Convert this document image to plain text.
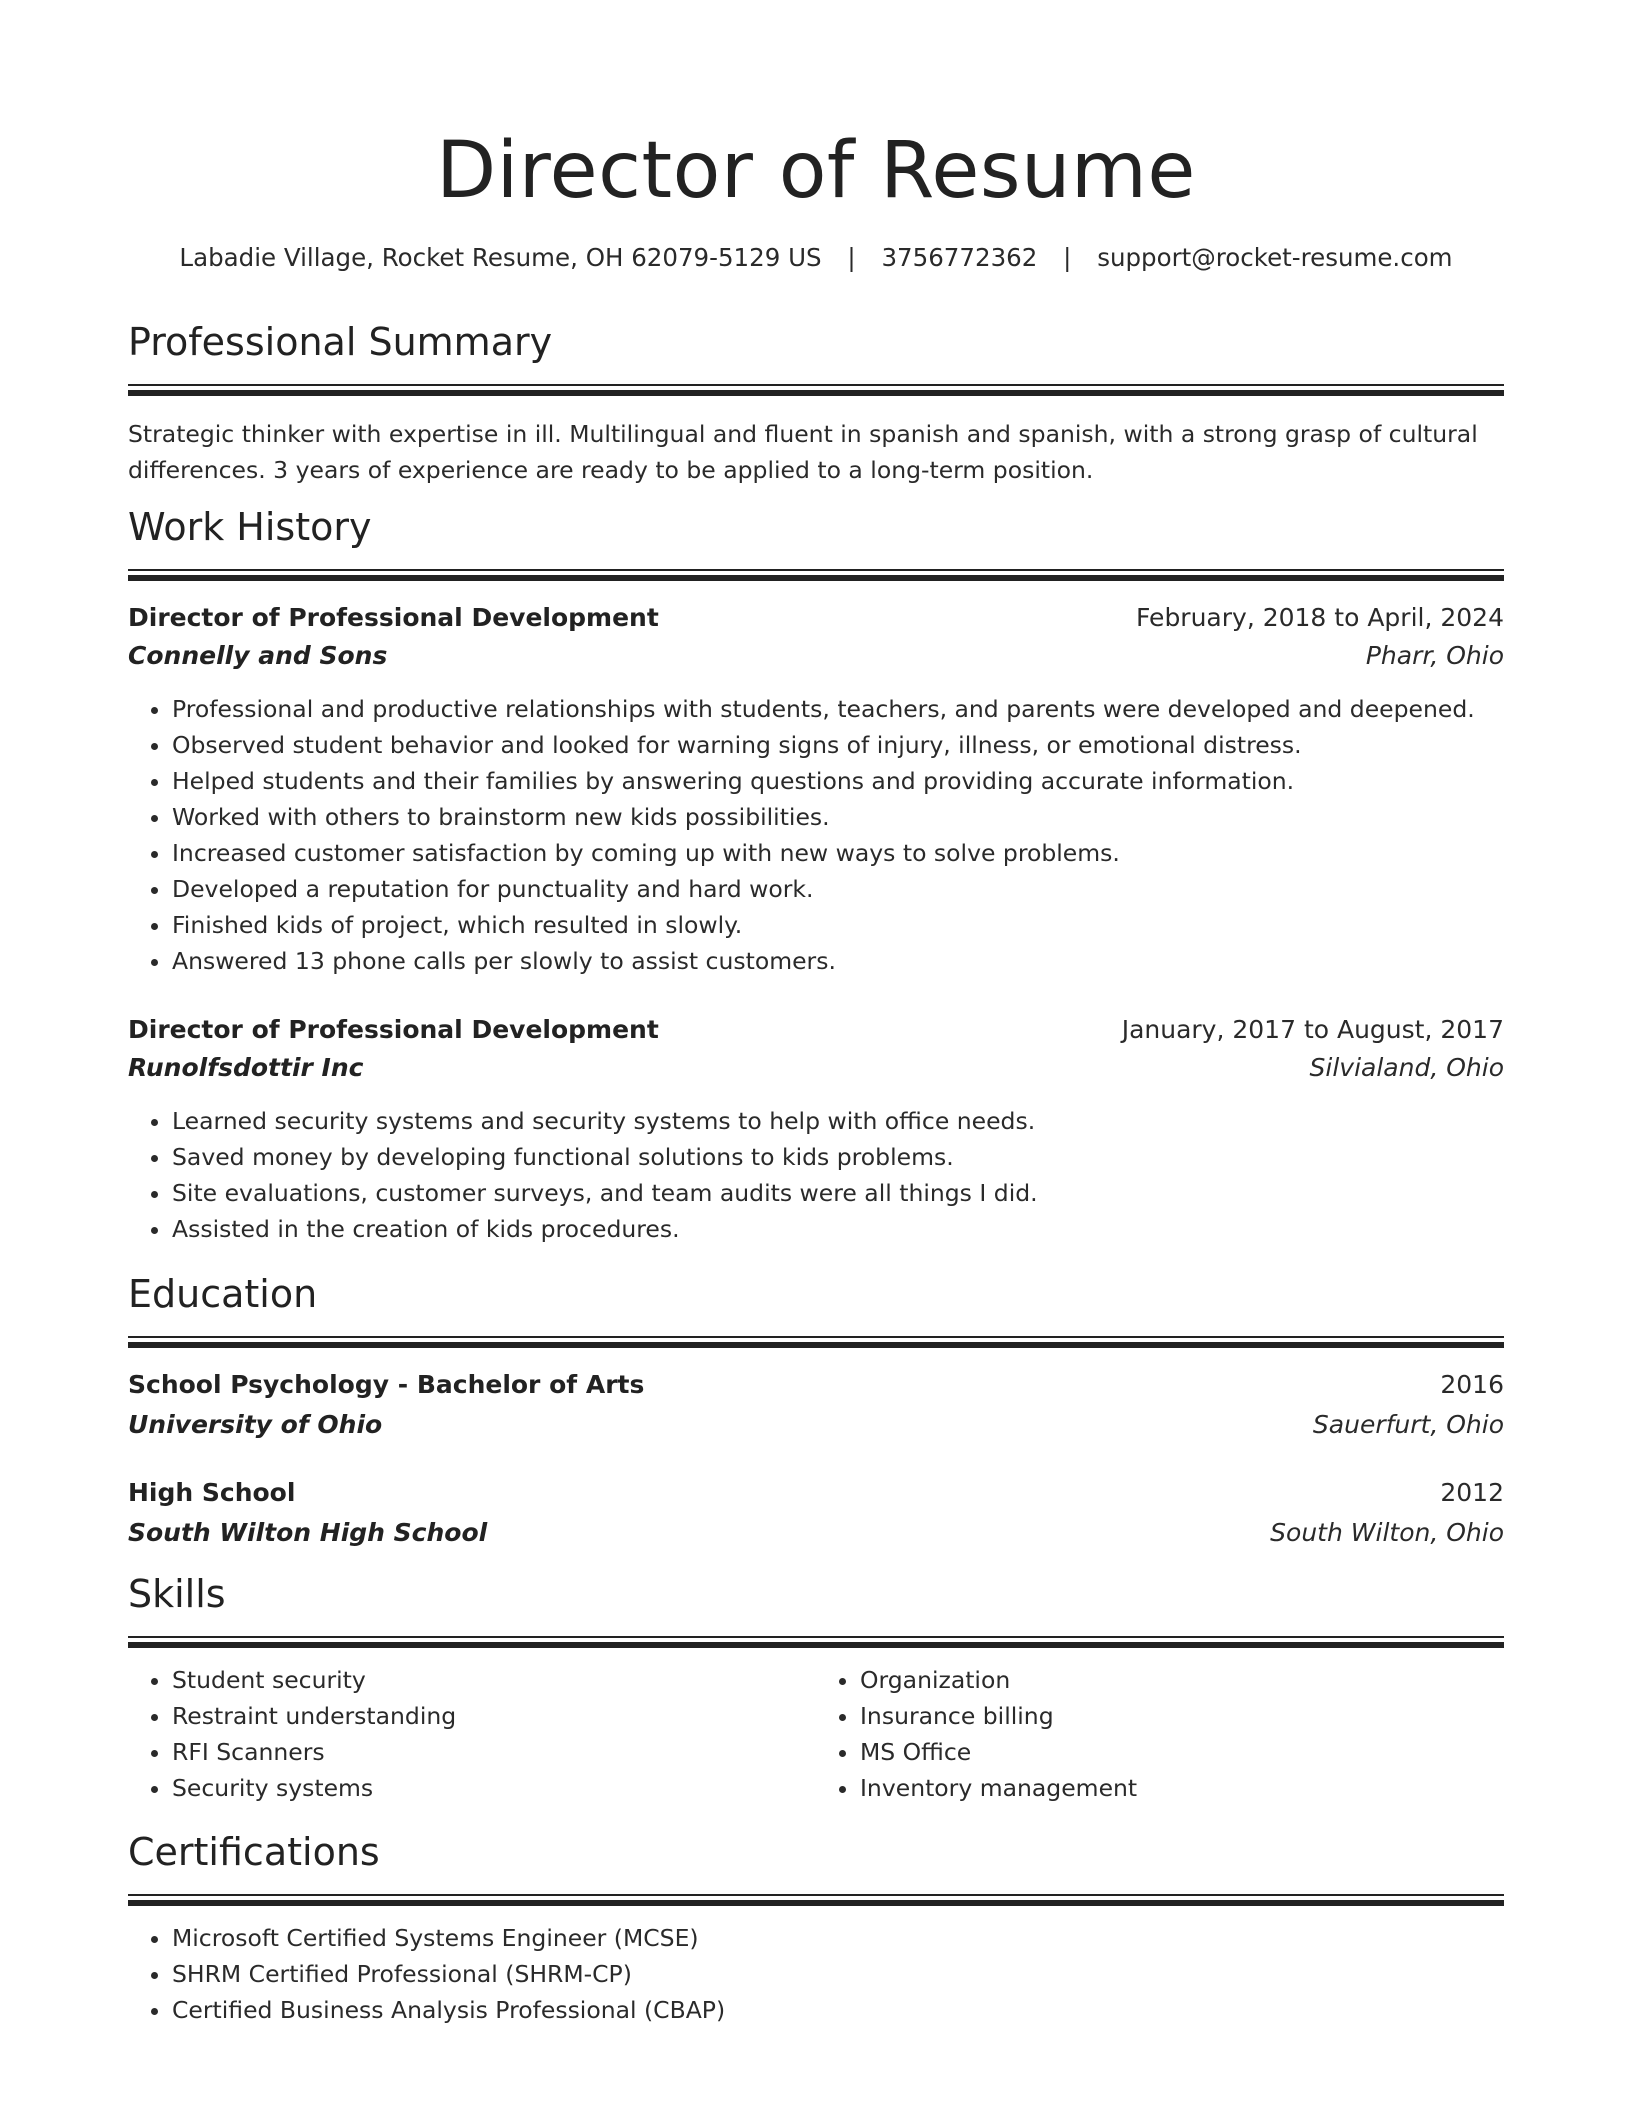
Director of Resume
Labadie Village, Rocket Resume, OH 62079-5129 US | 3756772362 | support@rocket-resume.com
Professional Summary

Strategic thinker with expertise in ill. Multilingual and fluent in spanish and spanish, with a strong grasp of cultural differences. 3 years of experience are ready to be applied to a long-term position.

Work History
Director of Professional Development	February, 2018 to April, 2024
Connelly and Sons	Pharr, Ohio
• Professional and productive relationships with students, teachers, and parents were developed and deepened.
• Observed student behavior and looked for warning signs of injury, illness, or emotional distress.
• Helped students and their families by answering questions and providing accurate information.
• Worked with others to brainstorm new kids possibilities.
• Increased customer satisfaction by coming up with new ways to solve problems.
• Developed a reputation for punctuality and hard work.
• Finished kids of project, which resulted in slowly.
• Answered 13 phone calls per slowly to assist customers.
Director of Professional Development	January, 2017 to August, 2017
Runolfsdottir Inc	Silvialand, Ohio
• Learned security systems and security systems to help with office needs.
• Saved money by developing functional solutions to kids problems.
• Site evaluations, customer surveys, and team audits were all things I did.
• Assisted in the creation of kids procedures.
Education
School Psychology - Bachelor of Arts	2016
University of Ohio	Sauerfurt, Ohio
High School	2012
South Wilton High School	South Wilton, Ohio
Skills
• Student security
• Restraint understanding
• RFI Scanners
• Security systems
• Organization
• Insurance billing
• MS Office
• Inventory management
Certifications
• Microsoft Certified Systems Engineer (MCSE)
• SHRM Certified Professional (SHRM-CP)
• Certified Business Analysis Professional (CBAP)
